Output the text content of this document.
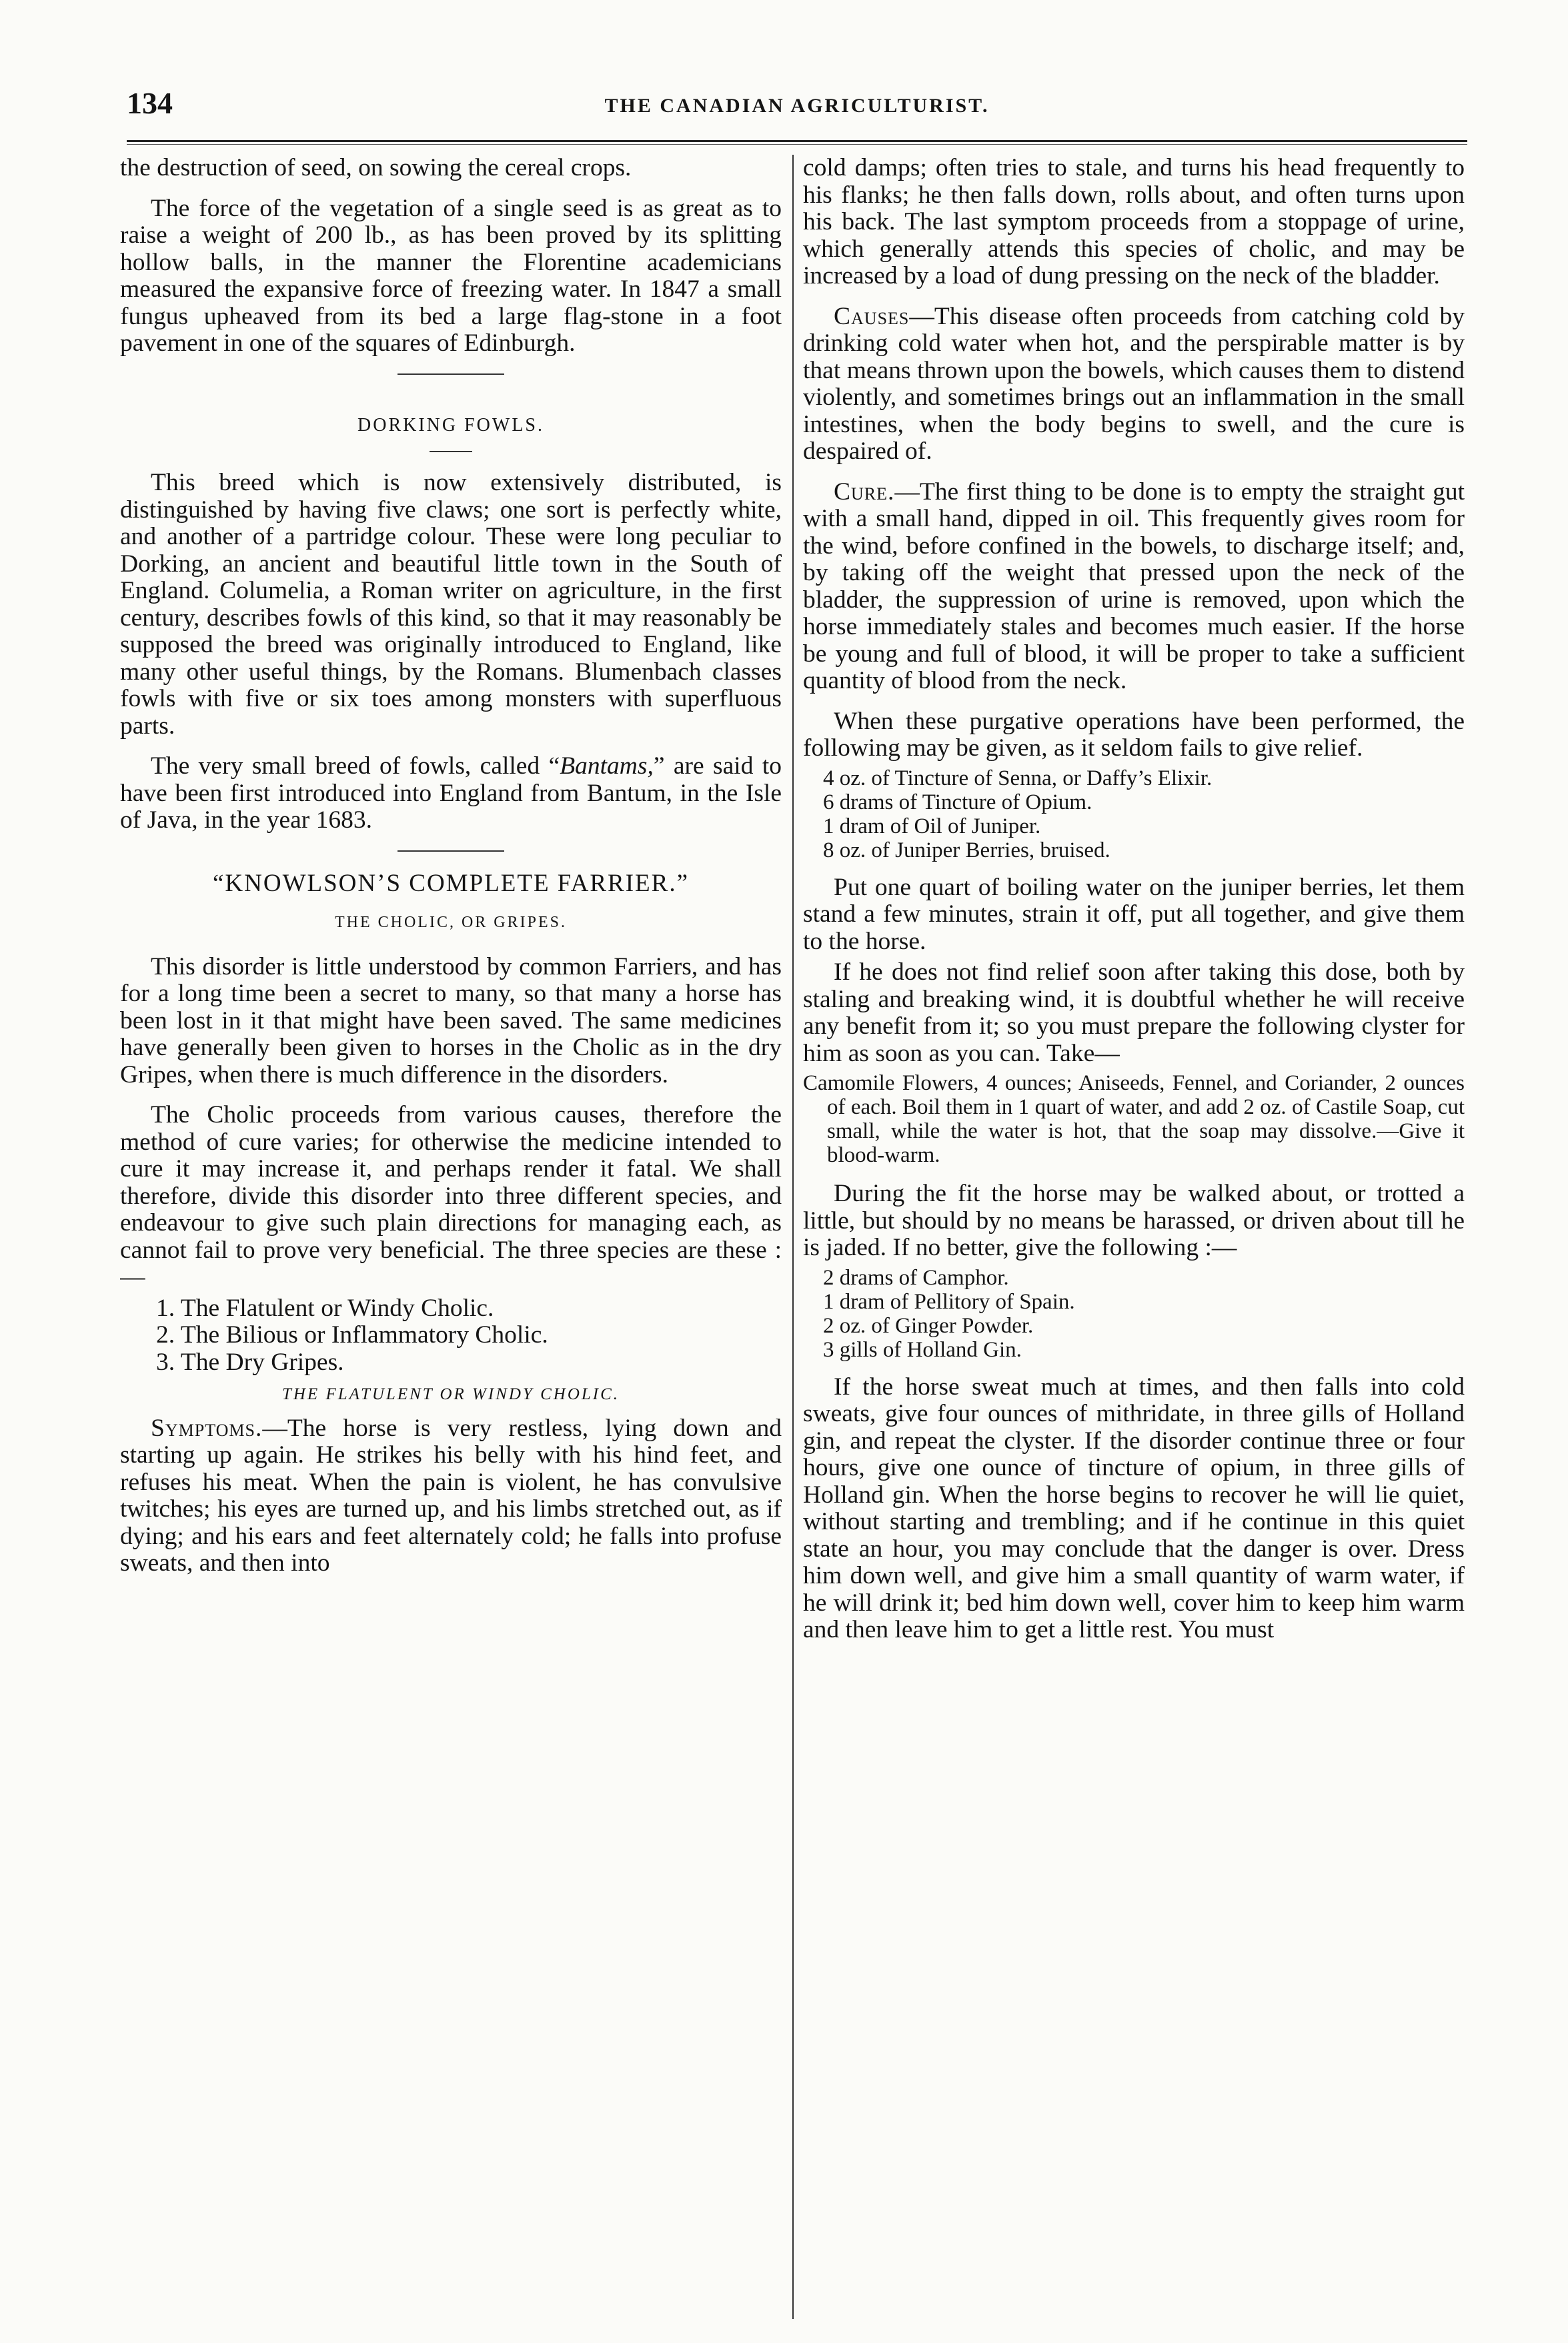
134	THE CANADIAN AGRICULTURIST.

the destruction of seed, on sowing the cereal crops.

The force of the vegetation of a single seed is as great as to raise a weight of 200 lb., as has been proved by its splitting hollow balls, in the manner the Florentine academicians measured the expansive force of freezing water. In 1847 a small fungus upheaved from its bed a large flag-stone in a foot pavement in one of the squares of Edinburgh.

DORKING FOWLS.

This breed which is now extensively distributed, is distinguished by having five claws; one sort is perfectly white, and another of a partridge colour. These were long peculiar to Dorking, an ancient and beautiful little town in the South of England. Columelia, a Roman writer on agriculture, in the first century, describes fowls of this kind, so that it may reasonably be supposed the breed was originally introduced to England, like many other useful things, by the Romans. Blumenbach classes fowls with five or six toes among monsters with superfluous parts.

The very small breed of fowls, called “Bantams,” are said to have been first introduced into England from Bantum, in the Isle of Java, in the year 1683.

“KNOWLSON’S COMPLETE FARRIER.”
THE CHOLIC, OR GRIPES.

This disorder is little understood by common Farriers, and has for a long time been a secret to many, so that many a horse has been lost in it that might have been saved. The same medicines have generally been given to horses in the Cholic as in the dry Gripes, when there is much difference in the disorders.

The Cholic proceeds from various causes, therefore the method of cure varies; for otherwise the medicine intended to cure it may increase it, and perhaps render it fatal. We shall therefore, divide this disorder into three different species, and endeavour to give such plain directions for managing each, as cannot fail to prove very beneficial. The three species are these :—

1. The Flatulent or Windy Cholic.
2. The Bilious or Inflammatory Cholic.
3. The Dry Gripes.
THE FLATULENT OR WINDY CHOLIC.

Symptoms.—The horse is very restless, lying down and starting up again. He strikes his belly with his hind feet, and refuses his meat. When the pain is violent, he has convulsive twitches; his eyes are turned up, and his limbs stretched out, as if dying; and his ears and feet alternately cold; he falls into profuse sweats, and then into

cold damps; often tries to stale, and turns his head frequently to his flanks; he then falls down, rolls about, and often turns upon his back. The last symptom proceeds from a stoppage of urine, which generally attends this species of cholic, and may be increased by a load of dung pressing on the neck of the bladder.

Causes—This disease often proceeds from catching cold by drinking cold water when hot, and the perspirable matter is by that means thrown upon the bowels, which causes them to distend violently, and sometimes brings out an inflammation in the small intestines, when the body begins to swell, and the cure is despaired of.

Cure.—The first thing to be done is to empty the straight gut with a small hand, dipped in oil. This frequently gives room for the wind, before confined in the bowels, to discharge itself; and, by taking off the weight that pressed upon the neck of the bladder, the suppression of urine is removed, upon which the horse immediately stales and becomes much easier. If the horse be young and full of blood, it will be proper to take a sufficient quantity of blood from the neck.

When these purgative operations have been performed, the following may be given, as it seldom fails to give relief.

4 oz. of Tincture of Senna, or Daffy’s Elixir.
6 drams of Tincture of Opium.
1 dram of Oil of Juniper.
8 oz. of Juniper Berries, bruised.

Put one quart of boiling water on the juniper berries, let them stand a few minutes, strain it off, put all together, and give them to the horse.

If he does not find relief soon after taking this dose, both by staling and breaking wind, it is doubtful whether he will receive any benefit from it; so you must prepare the following clyster for him as soon as you can. Take—

Camomile Flowers, 4 ounces; Aniseeds, Fennel, and Coriander, 2 ounces of each. Boil them in 1 quart of water, and add 2 oz. of Castile Soap, cut small, while the water is hot, that the soap may dissolve.—Give it blood-warm.

During the fit the horse may be walked about, or trotted a little, but should by no means be harassed, or driven about till he is jaded. If no better, give the following :—

2 drams of Camphor.
1 dram of Pellitory of Spain.
2 oz. of Ginger Powder.
3 gills of Holland Gin.

If the horse sweat much at times, and then falls into cold sweats, give four ounces of mithridate, in three gills of Holland gin, and repeat the clyster. If the disorder continue three or four hours, give one ounce of tincture of opium, in three gills of Holland gin. When the horse begins to recover he will lie quiet, without starting and trembling; and if he continue in this quiet state an hour, you may conclude that the danger is over. Dress him down well, and give him a small quantity of warm water, if he will drink it; bed him down well, cover him to keep him warm and then leave him to get a little rest. You must
